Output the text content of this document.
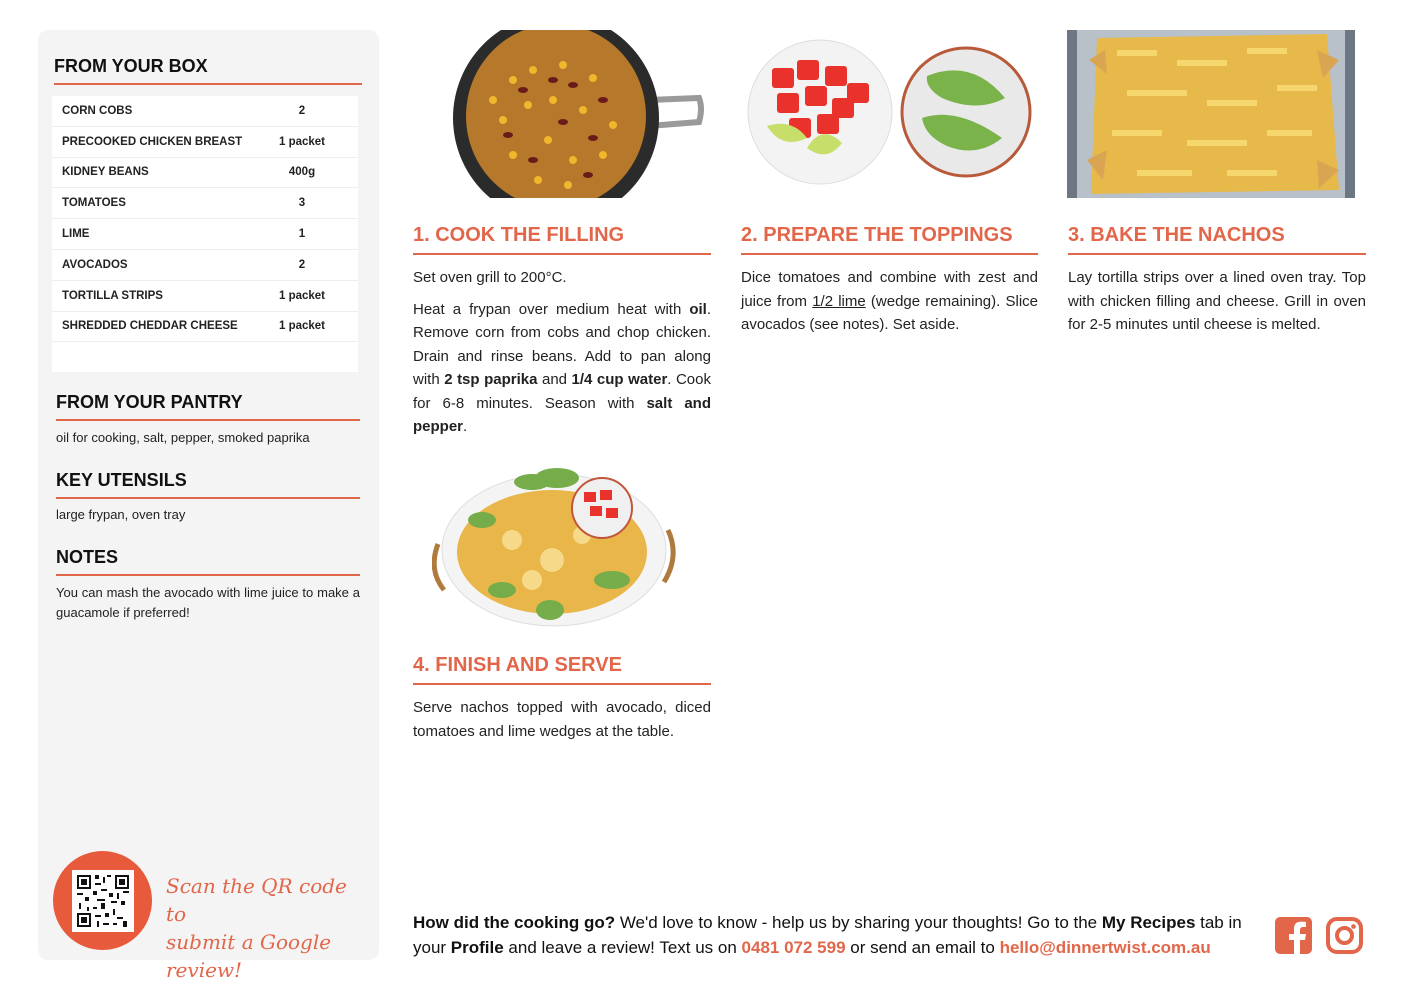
FROM YOUR BOX
CORN COBS	2
PRECOOKED CHICKEN BREAST	1 packet
KIDNEY BEANS	400g
TOMATOES	3
LIME	1
AVOCADOS	2
TORTILLA STRIPS	1 packet
SHREDDED CHEDDAR CHEESE	1 packet
FROM YOUR PANTRY
oil for cooking, salt, pepper, smoked paprika
KEY UTENSILS
large frypan, oven tray
NOTES
You can mash the avocado with lime juice to make a guacamole if preferred!
Scan the QR code to
submit a Google review!
1. COOK THE FILLING

Set oven grill to 200°C.

Heat a frypan over medium heat with oil. Remove corn from cobs and chop chicken. Drain and rinse beans. Add to pan along with 2 tsp paprika and 1/4 cup water. Cook for 6-8 minutes. Season with salt and pepper.

2. PREPARE THE TOPPINGS

Dice tomatoes and combine with zest and juice from 1/2 lime (wedge remaining). Slice avocados (see notes). Set aside.

3. BAKE THE NACHOS

Lay tortilla strips over a lined oven tray. Top with chicken filling and cheese. Grill in oven for 2-5 minutes until cheese is melted.

4. FINISH AND SERVE

Serve nachos topped with avocado, diced tomatoes and lime wedges at the table.

How did the cooking go? We'd love to know - help us by sharing your thoughts! Go to the My Recipes tab in your Profile and leave a review! Text us on 0481 072 599 or send an email to hello@dinnertwist.com.au
